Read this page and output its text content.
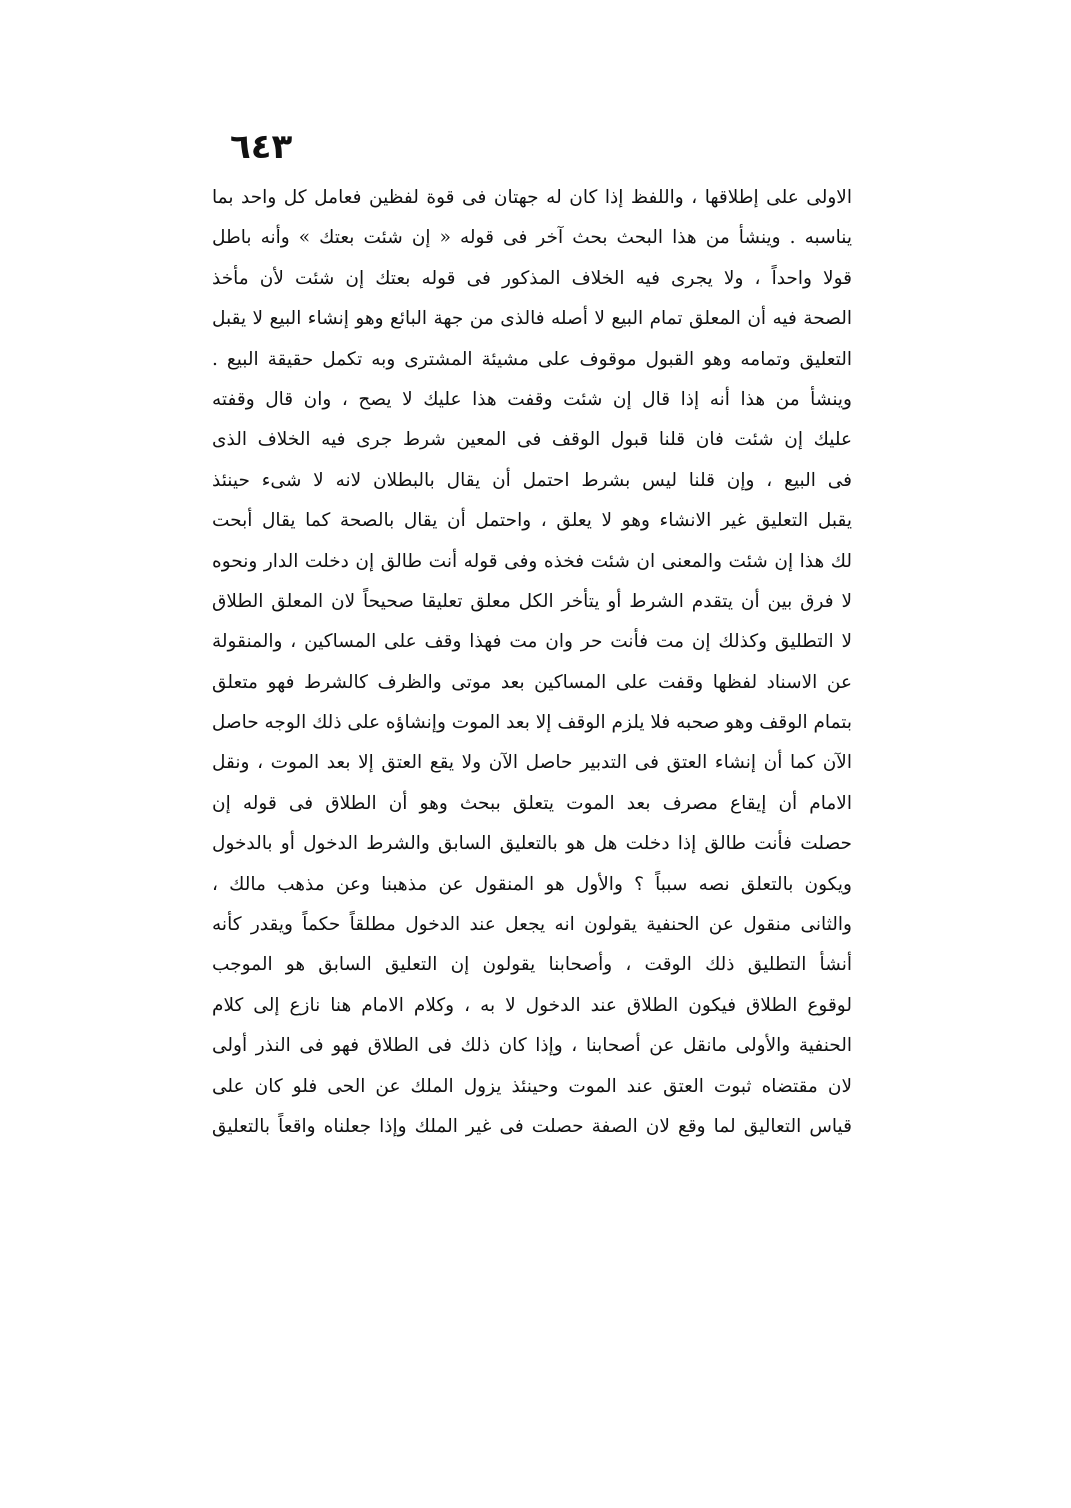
٦٤٣
الاولى على إطلاقها ، واللفظ إذا كان له جهتان فى قوة لفظين فعامل كل واحد بما
يناسبه . وينشأ من هذا البحث بحث آخر فى قوله « إن شئت بعتك » وأنه باطل
قولا واحداً ، ولا يجرى فيه الخلاف المذكور فى قوله بعتك إن شئت لأن مأخذ
الصحة فيه أن المعلق تمام البيع لا أصله فالذى من جهة البائع وهو إنشاء البيع لا يقبل
التعليق وتمامه وهو القبول موقوف على مشيئة المشترى وبه تكمل حقيقة البيع .
وينشأ من هذا أنه إذا قال إن شئت وقفت هذا عليك لا يصح ، وان قال وقفته
عليك إن شئت فان قلنا قبول الوقف فى المعين شرط جرى فيه الخلاف الذى
فى البيع ، وإن قلنا ليس بشرط احتمل أن يقال بالبطلان لانه لا شىء حينئذ
يقبل التعليق غير الانشاء وهو لا يعلق ، واحتمل أن يقال بالصحة كما يقال أبحت
لك هذا إن شئت والمعنى ان شئت فخذه وفى قوله أنت طالق إن دخلت الدار ونحوه
لا فرق بين أن يتقدم الشرط أو يتأخر الكل معلق تعليقا صحيحاً لان المعلق الطلاق
لا التطليق وكذلك إن مت فأنت حر وان مت فهذا وقف على المساكين ، والمنقولة
عن الاسناد لفظها وقفت على المساكين بعد موتى والظرف كالشرط فهو متعلق
بتمام الوقف وهو صحبه فلا يلزم الوقف إلا بعد الموت وإنشاؤه على ذلك الوجه حاصل
الآن كما أن إنشاء العتق فى التدبير حاصل الآن ولا يقع العتق إلا بعد الموت ، ونقل
الامام أن إيقاع مصرف بعد الموت يتعلق ببحث وهو أن الطلاق فى قوله إن
حصلت فأنت طالق إذا دخلت هل هو بالتعليق السابق والشرط الدخول أو بالدخول
ويكون بالتعلق نصه سبباً ؟ والأول هو المنقول عن مذهبنا وعن مذهب مالك ،
والثانى منقول عن الحنفية يقولون انه يجعل عند الدخول مطلقاً حكماً ويقدر كأنه
أنشأ التطليق ذلك الوقت ، وأصحابنا يقولون إن التعليق السابق هو الموجب
لوقوع الطلاق فيكون الطلاق عند الدخول لا به ، وكلام الامام هنا نازع إلى كلام
الحنفية والأولى مانقل عن أصحابنا ، وإذا كان ذلك فى الطلاق فهو فى النذر أولى
لان مقتضاه ثبوت العتق عند الموت وحينئذ يزول الملك عن الحى فلو كان على
قياس التعاليق لما وقع لان الصفة حصلت فى غير الملك وإذا جعلناه واقعاً بالتعليق
